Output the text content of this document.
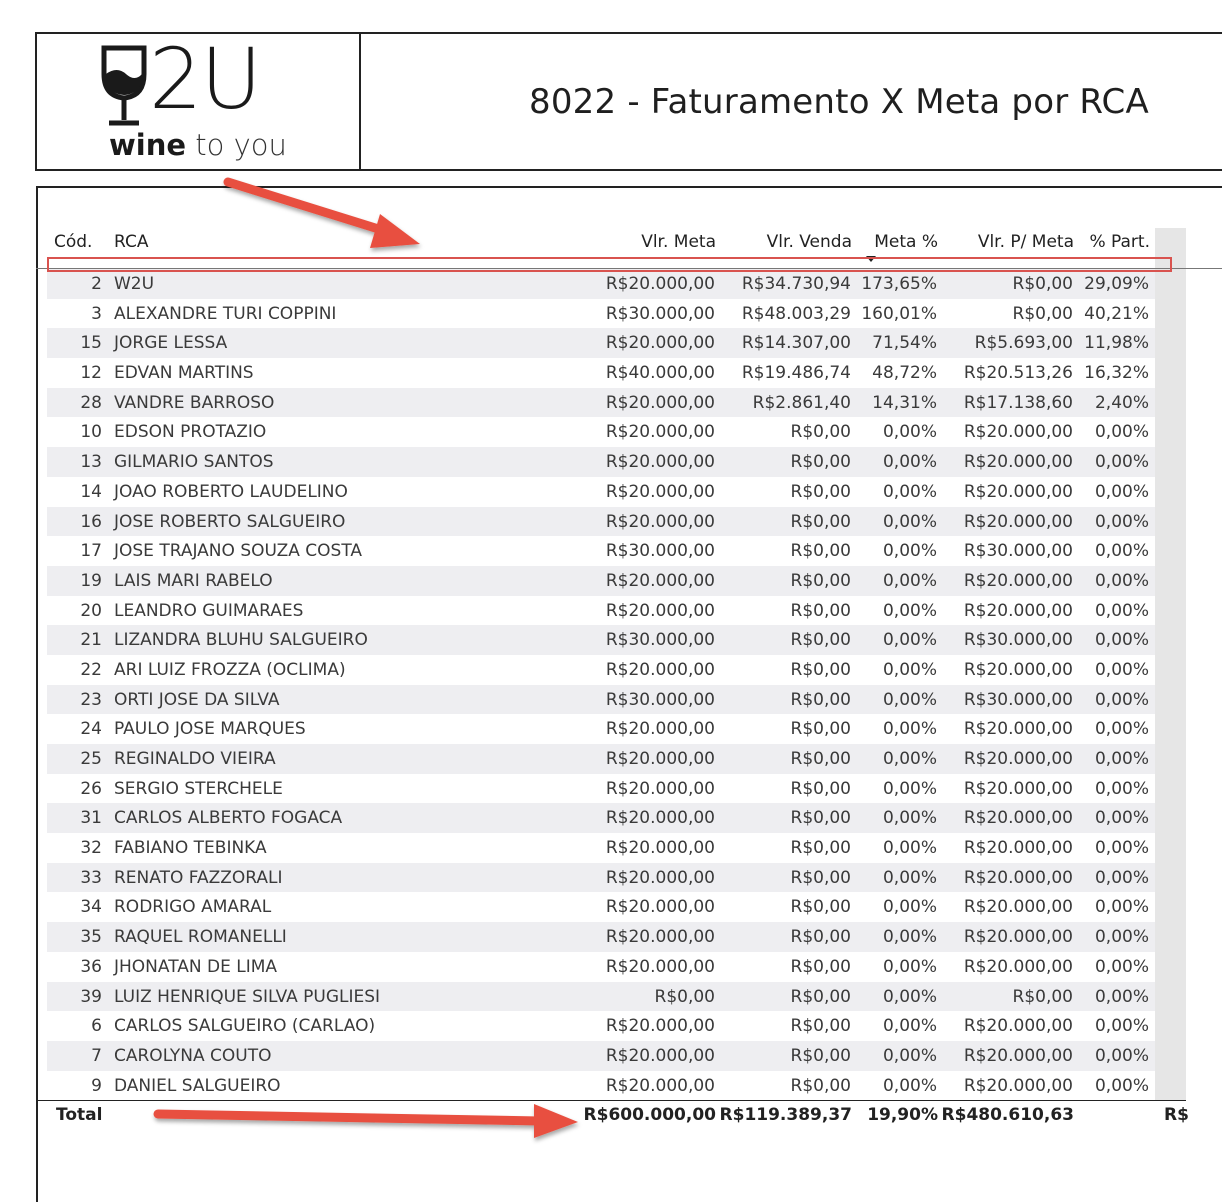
2U
wine to you
8022 - Faturamento X Meta por RCA
Cód. RCA	Vlr. Meta	Vlr. Venda Meta % Vlr. P/ Meta % Part.
2 W2U	R$20.000,00 R$34.730,94 173,65%	R$0,00 29,09%
3 ALEXANDRE TURI COPPINI	R$30.000,00 R$48.003,29 160,01%	R$0,00 40,21%
15 JORGE LESSA	R$20.000,00 R$14.307,00 71,54% R$5.693,00 11,98%
12 EDVAN MARTINS	R$40.000,00 R$19.486,74 48,72% R$20.513,26 16,32%
28 VANDRE BARROSO	R$20.000,00 R$2.861,40 14,31% R$17.138,60 2,40%
10 EDSON PROTAZIO	R$20.000,00	R$0,00 0,00% R$20.000,00 0,00%
13 GILMARIO SANTOS	R$20.000,00	R$0,00 0,00% R$20.000,00 0,00%
14 JOAO ROBERTO LAUDELINO	R$20.000,00	R$0,00 0,00% R$20.000,00 0,00%
16 JOSE ROBERTO SALGUEIRO	R$20.000,00	R$0,00 0,00% R$20.000,00 0,00%
17 JOSE TRAJANO SOUZA COSTA	R$30.000,00	R$0,00 0,00% R$30.000,00 0,00%
19 LAIS MARI RABELO	R$20.000,00	R$0,00 0,00% R$20.000,00 0,00%
20 LEANDRO GUIMARAES	R$20.000,00	R$0,00 0,00% R$20.000,00 0,00%
21 LIZANDRA BLUHU SALGUEIRO	R$30.000,00	R$0,00 0,00% R$30.000,00 0,00%
22 ARI LUIZ FROZZA (OCLIMA)	R$20.000,00	R$0,00 0,00% R$20.000,00 0,00%
23 ORTI JOSE DA SILVA	R$30.000,00	R$0,00 0,00% R$30.000,00 0,00%
24 PAULO JOSE MARQUES	R$20.000,00	R$0,00 0,00% R$20.000,00 0,00%
25 REGINALDO VIEIRA	R$20.000,00	R$0,00 0,00% R$20.000,00 0,00%
26 SERGIO STERCHELE	R$20.000,00	R$0,00 0,00% R$20.000,00 0,00%
31 CARLOS ALBERTO FOGACA	R$20.000,00	R$0,00 0,00% R$20.000,00 0,00%
32 FABIANO TEBINKA	R$20.000,00	R$0,00 0,00% R$20.000,00 0,00%
33 RENATO FAZZORALI	R$20.000,00	R$0,00 0,00% R$20.000,00 0,00%
34 RODRIGO AMARAL	R$20.000,00	R$0,00 0,00% R$20.000,00 0,00%
35 RAQUEL ROMANELLI	R$20.000,00	R$0,00 0,00% R$20.000,00 0,00%
36 JHONATAN DE LIMA	R$20.000,00	R$0,00 0,00% R$20.000,00 0,00%
39 LUIZ HENRIQUE SILVA PUGLIESI	R$0,00	R$0,00 0,00%	R$0,00 0,00%
6 CARLOS SALGUEIRO (CARLAO)	R$20.000,00	R$0,00 0,00% R$20.000,00 0,00%
7 CAROLYNA COUTO	R$20.000,00	R$0,00 0,00% R$20.000,00 0,00%
9 DANIEL SALGUEIRO	R$20.000,00	R$0,00 0,00% R$20.000,00 0,00%
Total	R$600.000,00 R$119.389,37 19,90% R$480.610,63	R$
